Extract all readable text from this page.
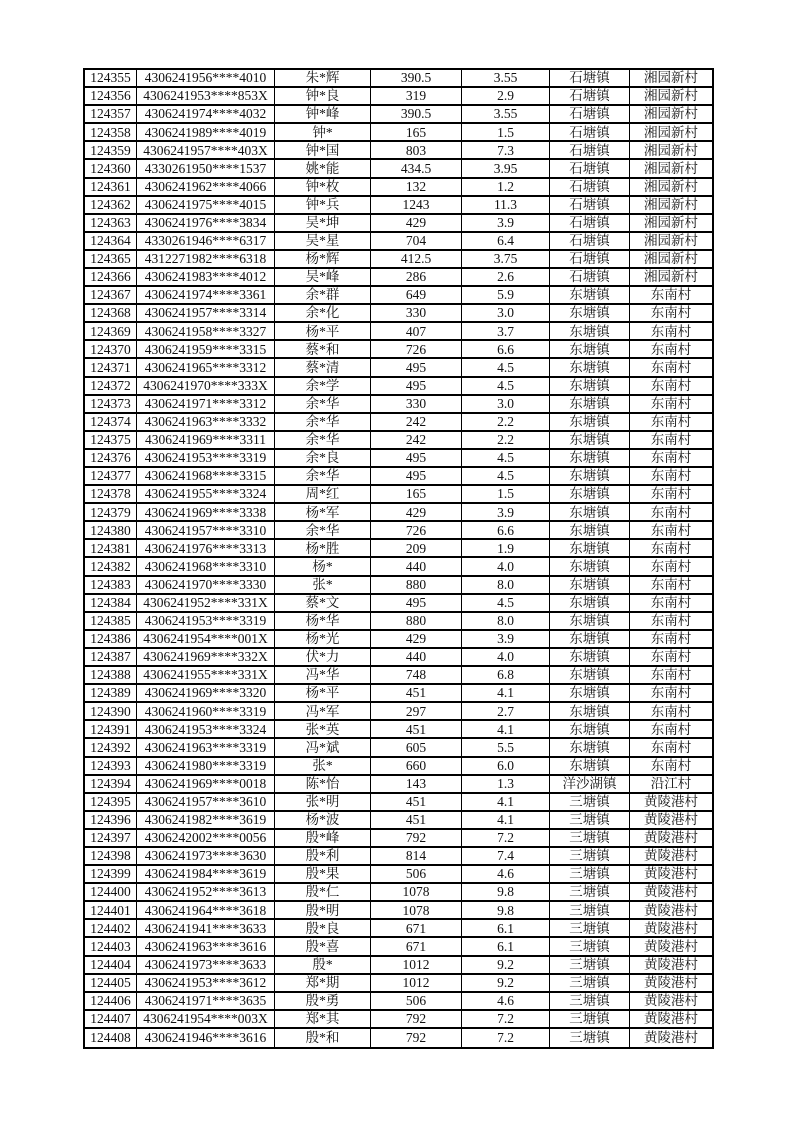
124355	4306241956****4010	朱*辉	390.5	3.55	石塘镇	湘园新村
124356 4306241953****853X	钟*良	319	2.9	石塘镇	湘园新村
124357	4306241974****4032	钟*峰	390.5	3.55	石塘镇	湘园新村
124358	4306241989****4019	钟*	165	1.5	石塘镇	湘园新村
124359 4306241957****403X	钟*国	803	7.3	石塘镇	湘园新村
124360	4330261950****1537	姚*能	434.5	3.95	石塘镇	湘园新村
124361	4306241962****4066	钟*枚	132	1.2	石塘镇	湘园新村
124362	4306241975****4015	钟*兵	1243	11.3	石塘镇	湘园新村
124363	4306241976****3834	吴*坤	429	3.9	石塘镇	湘园新村
124364	4330261946****6317	吴*星	704	6.4	石塘镇	湘园新村
124365	4312271982****6318	杨*辉	412.5	3.75	石塘镇	湘园新村
124366	4306241983****4012	吴*峰	286	2.6	石塘镇	湘园新村
124367	4306241974****3361	余*群	649	5.9	东塘镇	东南村
124368	4306241957****3314	余*化	330	3.0	东塘镇	东南村
124369	4306241958****3327	杨*平	407	3.7	东塘镇	东南村
124370	4306241959****3315	蔡*和	726	6.6	东塘镇	东南村
124371	4306241965****3312	蔡*清	495	4.5	东塘镇	东南村
124372 4306241970****333X	余*学	495	4.5	东塘镇	东南村
124373	4306241971****3312	余*华	330	3.0	东塘镇	东南村
124374	4306241963****3332	余*华	242	2.2	东塘镇	东南村
124375	4306241969****3311	余*华	242	2.2	东塘镇	东南村
124376	4306241953****3319	余*良	495	4.5	东塘镇	东南村
124377	4306241968****3315	余*华	495	4.5	东塘镇	东南村
124378	4306241955****3324	周*红	165	1.5	东塘镇	东南村
124379	4306241969****3338	杨*军	429	3.9	东塘镇	东南村
124380	4306241957****3310	余*华	726	6.6	东塘镇	东南村
124381	4306241976****3313	杨*胜	209	1.9	东塘镇	东南村
124382	4306241968****3310	杨*	440	4.0	东塘镇	东南村
124383	4306241970****3330	张*	880	8.0	东塘镇	东南村
124384 4306241952****331X	蔡*文	495	4.5	东塘镇	东南村
124385	4306241953****3319	杨*华	880	8.0	东塘镇	东南村
124386 4306241954****001X	杨*光	429	3.9	东塘镇	东南村
124387 4306241969****332X	伏*力	440	4.0	东塘镇	东南村
124388 4306241955****331X	冯*华	748	6.8	东塘镇	东南村
124389	4306241969****3320	杨*平	451	4.1	东塘镇	东南村
124390	4306241960****3319	冯*军	297	2.7	东塘镇	东南村
124391	4306241953****3324	张*英	451	4.1	东塘镇	东南村
124392	4306241963****3319	冯*斌	605	5.5	东塘镇	东南村
124393	4306241980****3319	张*	660	6.0	东塘镇	东南村
124394	4306241969****0018	陈*怡	143	1.3	洋沙湖镇	沿江村
124395	4306241957****3610	张*明	451	4.1	三塘镇	黄陵港村
124396	4306241982****3619	杨*波	451	4.1	三塘镇	黄陵港村
124397	4306242002****0056	殷*峰	792	7.2	三塘镇	黄陵港村
124398	4306241973****3630	殷*利	814	7.4	三塘镇	黄陵港村
124399	4306241984****3619	殷*果	506	4.6	三塘镇	黄陵港村
124400	4306241952****3613	殷*仁	1078	9.8	三塘镇	黄陵港村
124401	4306241964****3618	殷*明	1078	9.8	三塘镇	黄陵港村
124402	4306241941****3633	殷*良	671	6.1	三塘镇	黄陵港村
124403	4306241963****3616	殷*喜	671	6.1	三塘镇	黄陵港村
124404	4306241973****3633	殷*	1012	9.2	三塘镇	黄陵港村
124405	4306241953****3612	郑*期	1012	9.2	三塘镇	黄陵港村
124406	4306241971****3635	殷*勇	506	4.6	三塘镇	黄陵港村
124407 4306241954****003X	郑*其	792	7.2	三塘镇	黄陵港村
124408	4306241946****3616	殷*和	792	7.2	三塘镇	黄陵港村
